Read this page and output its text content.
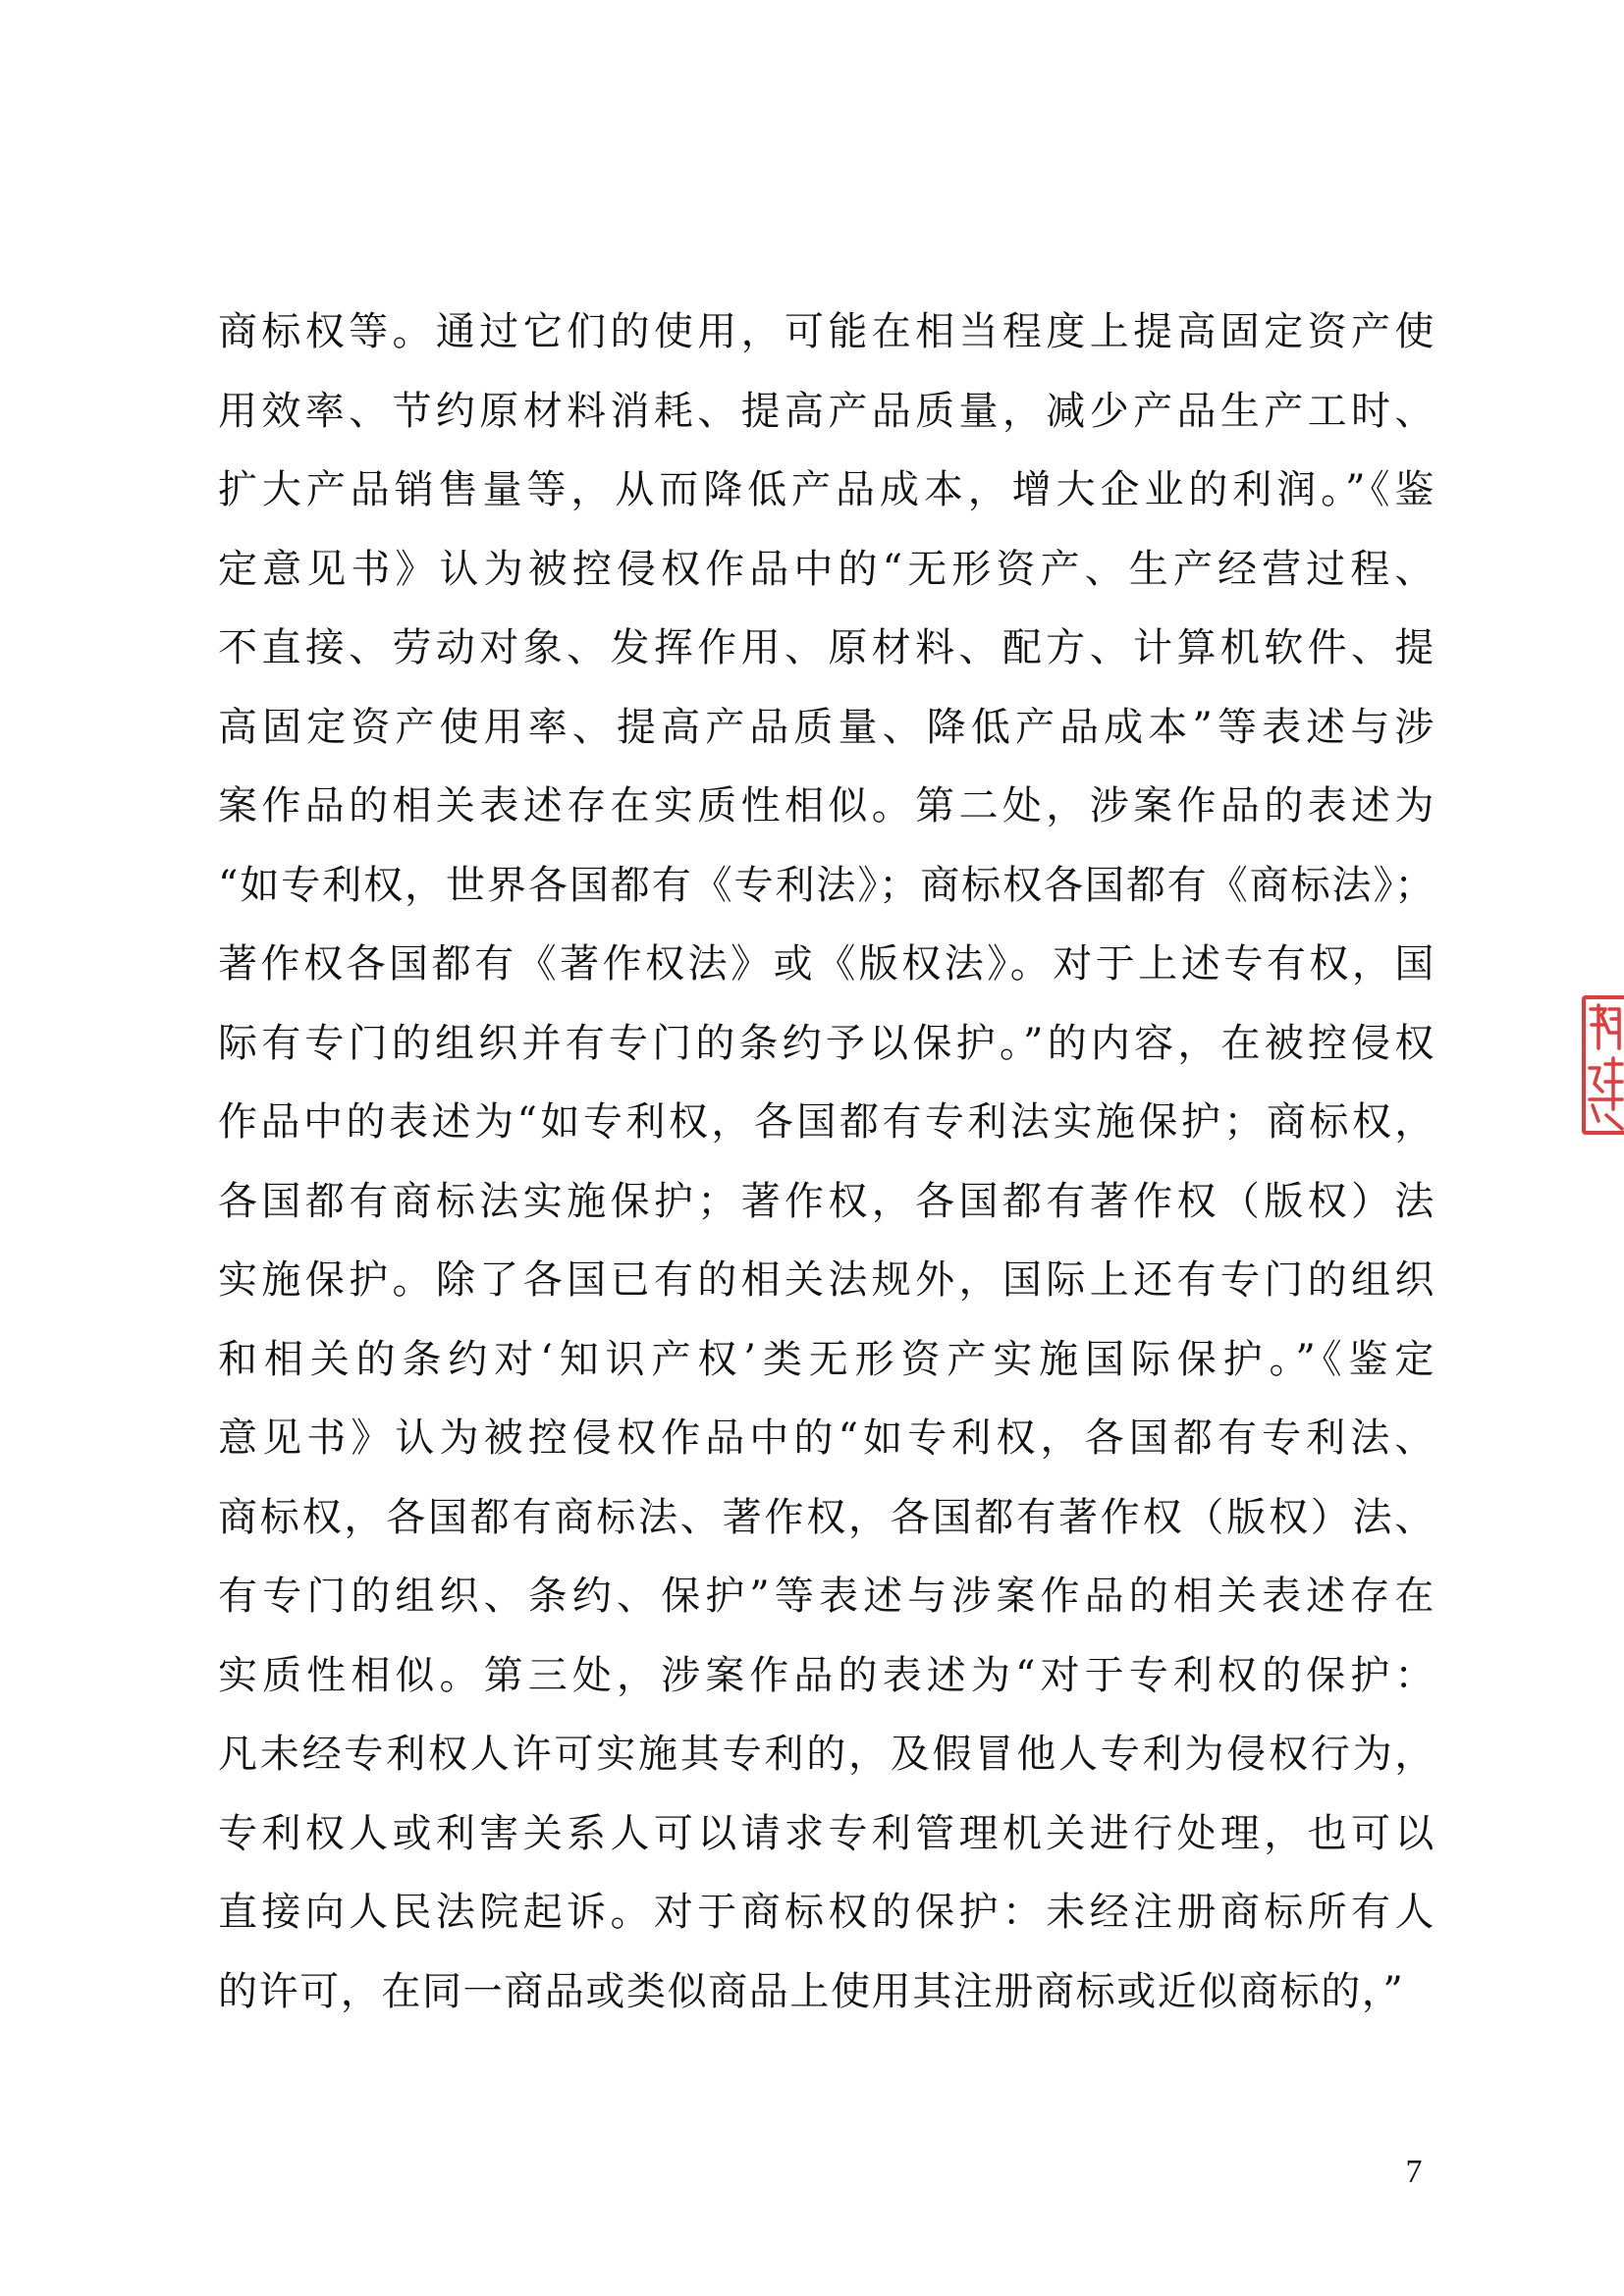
商标权等。通过它们的使用，可能在相当程度上提高固定资产使
用效率、节约原材料消耗、提高产品质量，减少产品生产工时、
扩大产品销售量等，从而降低产品成本，增大企业的利润。”《鉴
定意见书》认为被控侵权作品中的“无形资产、生产经营过程、
不直接、劳动对象、发挥作用、原材料、配方、计算机软件、提
高固定资产使用率、提高产品质量、降低产品成本”等表述与涉
案作品的相关表述存在实质性相似。第二处，涉案作品的表述为
“如专利权，世界各国都有《专利法》；商标权各国都有《商标法》；
著作权各国都有《著作权法》或《版权法》。对于上述专有权，国
际有专门的组织并有专门的条约予以保护。”的内容，在被控侵权
作品中的表述为“如专利权，各国都有专利法实施保护；商标权，
各国都有商标法实施保护；著作权，各国都有著作权（版权）法
实施保护。除了各国已有的相关法规外，国际上还有专门的组织
和相关的条约对‘知识产权’类无形资产实施国际保护。”《鉴定
意见书》认为被控侵权作品中的“如专利权，各国都有专利法、
商标权，各国都有商标法、著作权，各国都有著作权（版权）法、
有专门的组织、条约、保护”等表述与涉案作品的相关表述存在
实质性相似。第三处，涉案作品的表述为“对于专利权的保护：
凡未经专利权人许可实施其专利的，及假冒他人专利为侵权行为，
专利权人或利害关系人可以请求专利管理机关进行处理，也可以
直接向人民法院起诉。对于商标权的保护：未经注册商标所有人
的许可，在同一商品或类似商品上使用其注册商标或近似商标的，”
7
